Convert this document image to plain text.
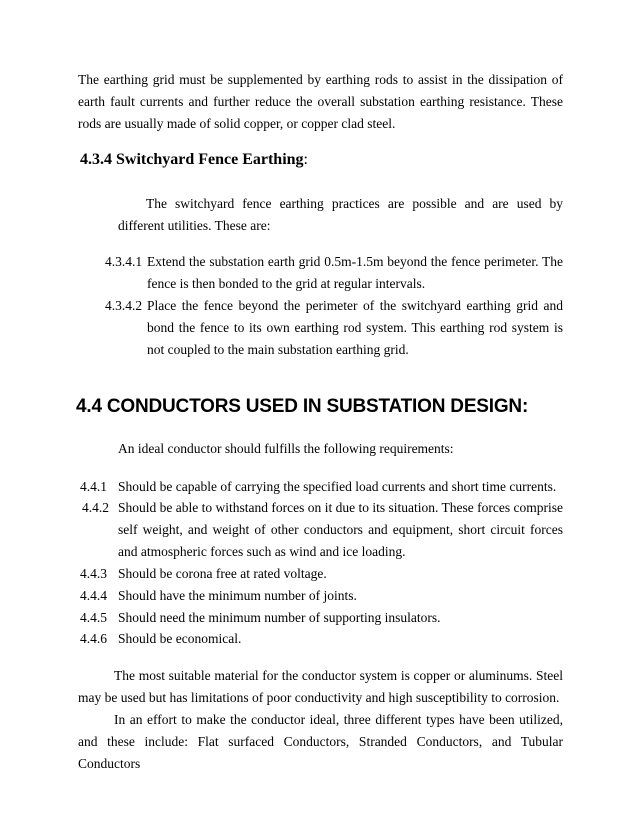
The earthing grid must be supplemented by earthing rods to assist in the dissipation of earth fault currents and further reduce the overall substation earthing resistance. These rods are usually made of solid copper, or copper clad steel.

4.3.4 Switchyard Fence Earthing:

The switchyard fence earthing practices are possible and are used by different utilities. These are:

4.3.4.1 Extend the substation earth grid 0.5m-1.5m beyond the fence perimeter. The fence is then bonded to the grid at regular intervals.
4.3.4.2 Place the fence beyond the perimeter of the switchyard earthing grid and bond the fence to its own earthing rod system. This earthing rod system is not coupled to the main substation earthing grid.
4.4 CONDUCTORS USED IN SUBSTATION DESIGN:
An ideal conductor should fulfills the following requirements:
4.4.1 Should be capable of carrying the specified load currents and short time currents.
4.4.2 Should be able to withstand forces on it due to its situation. These forces comprise self weight, and weight of other conductors and equipment, short circuit forces and atmospheric forces such as wind and ice loading.
4.4.3 Should be corona free at rated voltage.
4.4.4 Should have the minimum number of joints.
4.4.5 Should need the minimum number of supporting insulators.
4.4.6 Should be economical.

The most suitable material for the conductor system is copper or aluminums. Steel may be used but has limitations of poor conductivity and high susceptibility to corrosion.

In an effort to make the conductor ideal, three different types have been utilized, and these include: Flat surfaced Conductors, Stranded Conductors, and Tubular Conductors
